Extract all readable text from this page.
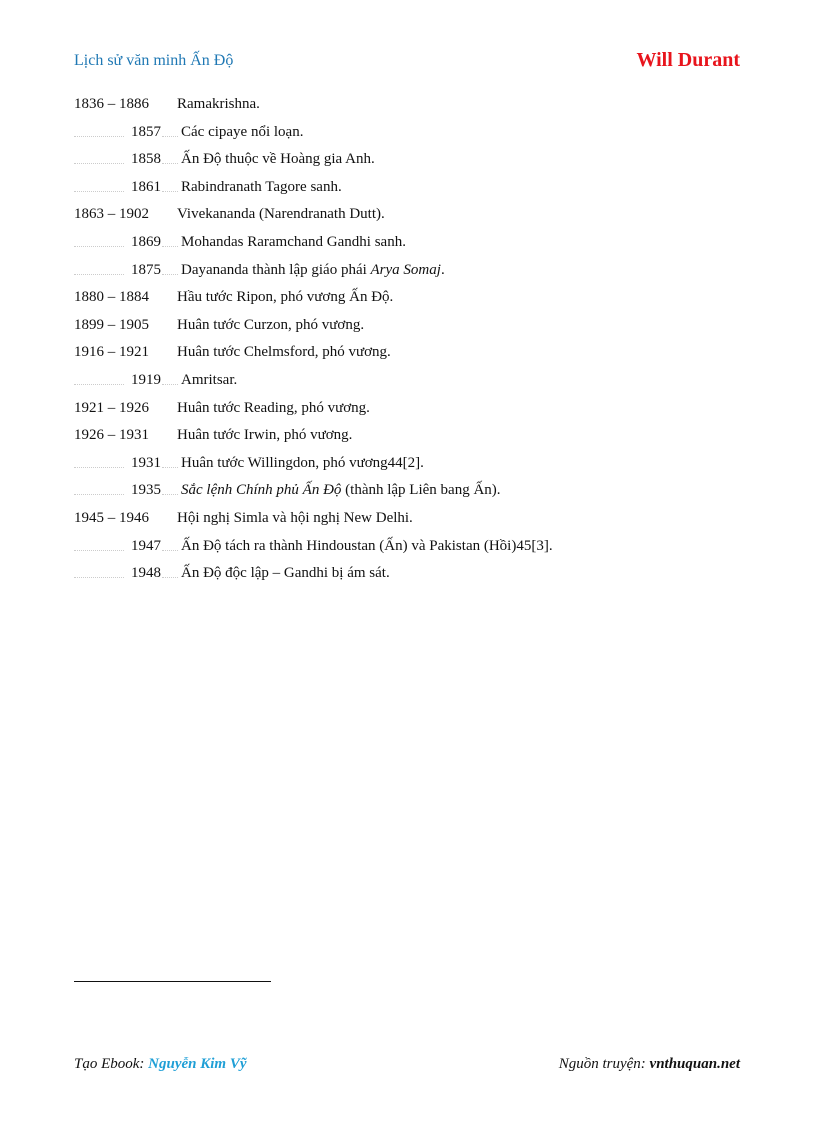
Lịch sử văn minh Ấn Độ	Will Durant
1836 – 1886	Ramakrishna.
1857 Các cipaye nổi loạn.
1858 Ấn Độ thuộc về Hoàng gia Anh.
1861 Rabindranath Tagore sanh.
1863 – 1902	Vivekananda (Narendranath Dutt).
1869 Mohandas Raramchand Gandhi sanh.
1875 Dayananda thành lập giáo phái Arya Somaj.
1880 – 1884	Hầu tước Ripon, phó vương Ấn Độ.
1899 – 1905	Huân tước Curzon, phó vương.
1916 – 1921	Huân tước Chelmsford, phó vương.
1919 Amritsar.
1921 – 1926	Huân tước Reading, phó vương.
1926 – 1931	Huân tước Irwin, phó vương.
1931 Huân tước Willingdon, phó vương44[2].
1935 Sắc lệnh Chính phủ Ấn Độ (thành lập Liên bang Ấn).
1945 – 1946	Hội nghị Simla và hội nghị New Delhi.
1947 Ấn Độ tách ra thành Hindoustan (Ấn) và Pakistan (Hồi)45[3].
1948 Ấn Độ độc lập – Gandhi bị ám sát.
Tạo Ebook: Nguyễn Kim Vỹ	Nguồn truyện: vnthuquan.net
